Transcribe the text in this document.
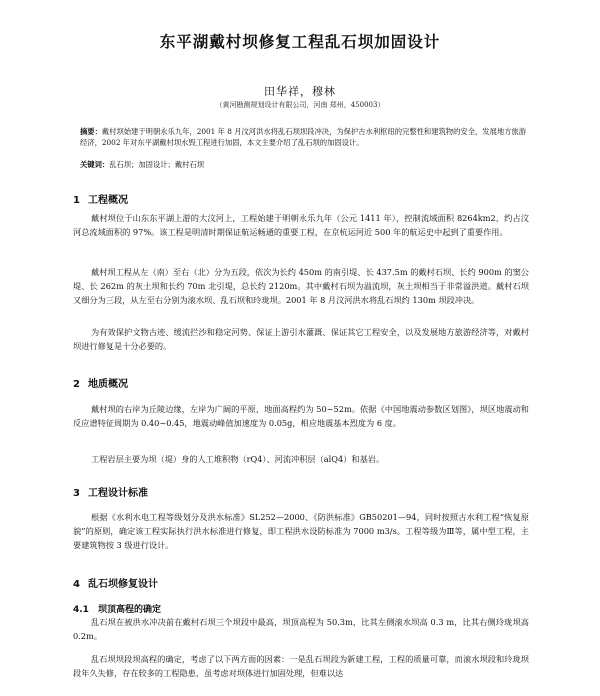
东平湖戴村坝修复工程乱石坝加固设计
田华祥，穆林
（黄河勘测规划设计有限公司，河南 郑州，450003）
摘要：戴村坝始建于明朝永乐九年，2001 年 8 月汶河洪水将乱石坝坝段冲决，为保护古水利枢纽的完整性和建筑物的安全，发展地方旅游经济，2002 年对东平湖戴村坝水毁工程进行加固，本文主要介绍了乱石坝的加固设计。
关键词：乱石坝；加固设计；戴村石坝
1 工程概况
戴村坝位于山东东平湖上游的大汶河上，工程始建于明朝永乐九年（公元 1411 年），控制流域面积 8264km2，约占汶河总流域面积的 97%。该工程是明清时期保证航运畅通的重要工程，在京杭运河近 500 年的航运史中起到了重要作用。
戴村坝工程从左（南）至右（北）分为五段，依次为长约 450m 的南引堤、长 437.5m 的戴村石坝、长约 900m 的窦公堤、长 262m 的灰土坝和长约 70m 北引堤，总长约 2120m。其中戴村石坝为溢流坝，灰土坝相当于非常溢洪道。戴村石坝又细分为三段，从左至右分别为滚水坝、乱石坝和玲珑坝。2001 年 8 月汶河洪水将乱石坝约 130m 坝段冲决。
为有效保护文物古迹、缓流拦沙和稳定河势、保证上游引水灌溉、保证其它工程安全，以及发展地方旅游经济等，对戴村坝进行修复是十分必要的。
2 地质概况
戴村坝的右岸为丘陵边缘，左岸为广阔的平原，地面高程约为 50~52m。依据《中国地震动参数区划图》，坝区地震动和反应谱特征周期为 0.40~0.45，地震动峰值加速度为 0.05g，相应地震基本烈度为 6 度。
工程岩层主要为坝（堤）身的人工堆积物（rQ4）、河流冲积层（alQ4）和基岩。
3 工程设计标准
根据《水利水电工程等级划分及洪水标准》SL252—2000、《防洪标准》GB50201—94，同时按照古水利工程“恢复原貌”的原则，确定该工程实际执行洪水标准进行修复，即工程洪水设防标准为 7000 m3/s。工程等级为Ⅲ等，属中型工程，主要建筑物按 3 级进行设计。
4 乱石坝修复设计
4.1　坝顶高程的确定
乱石坝在被洪水冲决前在戴村石坝三个坝段中最高，坝顶高程为 50.3m，比其左侧滚水坝高 0.3 m，比其右侧玲珑坝高 0.2m。
乱石坝坝段坝高程的确定，考虑了以下两方面的因素：一是乱石坝段为新建工程，工程的质量可靠，而滚水坝段和玲珑坝段年久失修，存在较多的工程隐患，虽考虑对坝体进行加固处理，但难以达
